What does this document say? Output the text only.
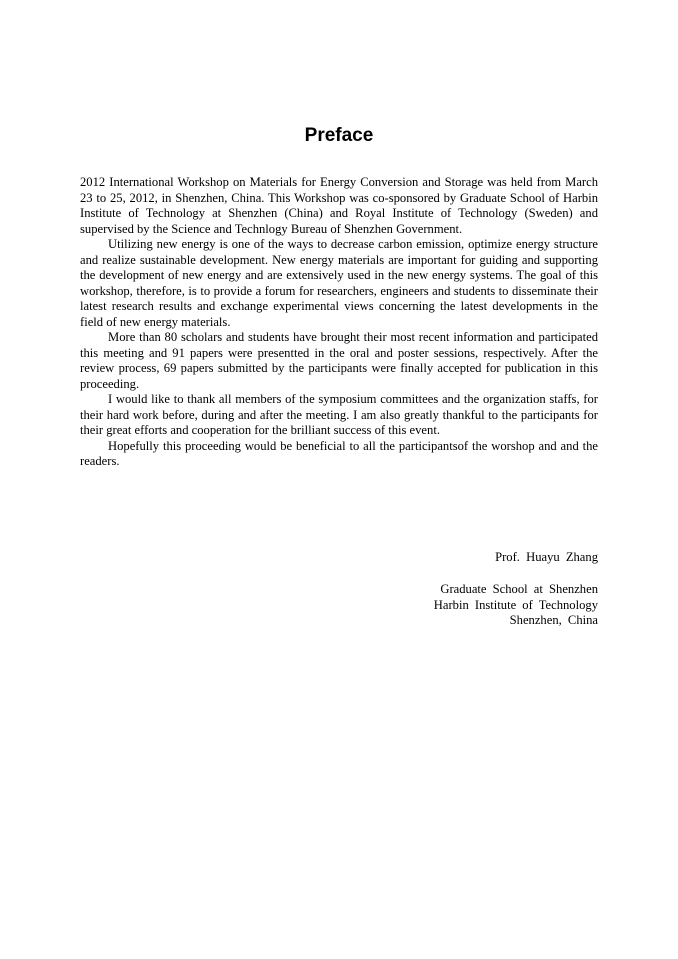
Preface

2012 International Workshop on Materials for Energy Conversion and Storage was held from March 23 to 25, 2012, in Shenzhen, China. This Workshop was co-sponsored by Graduate School of Harbin Institute of Technology at Shenzhen (China) and Royal Institute of Technology (Sweden) and supervised by the Science and Technlogy Bureau of Shenzhen Government.

Utilizing new energy is one of the ways to decrease carbon emission, optimize energy structure and realize sustainable development. New energy materials are important for guiding and supporting the development of new energy and are extensively used in the new energy systems. The goal of this workshop, therefore, is to provide a forum for researchers, engineers and students to disseminate their latest research results and exchange experimental views concerning the latest developments in the field of new energy materials.

More than 80 scholars and students have brought their most recent information and participated this meeting and 91 papers were presentted in the oral and poster sessions, respectively. After the review process, 69 papers submitted by the participants were finally accepted for publication in this proceeding.

I would like to thank all members of the symposium committees and the organization staffs, for their hard work before, during and after the meeting. I am also greatly thankful to the participants for their great efforts and cooperation for the brilliant success of this event.

Hopefully this proceeding would be beneficial to all the participantsof the worshop and and the readers.

Prof. Huayu Zhang
Graduate School at Shenzhen
Harbin Institute of Technology
Shenzhen, China
